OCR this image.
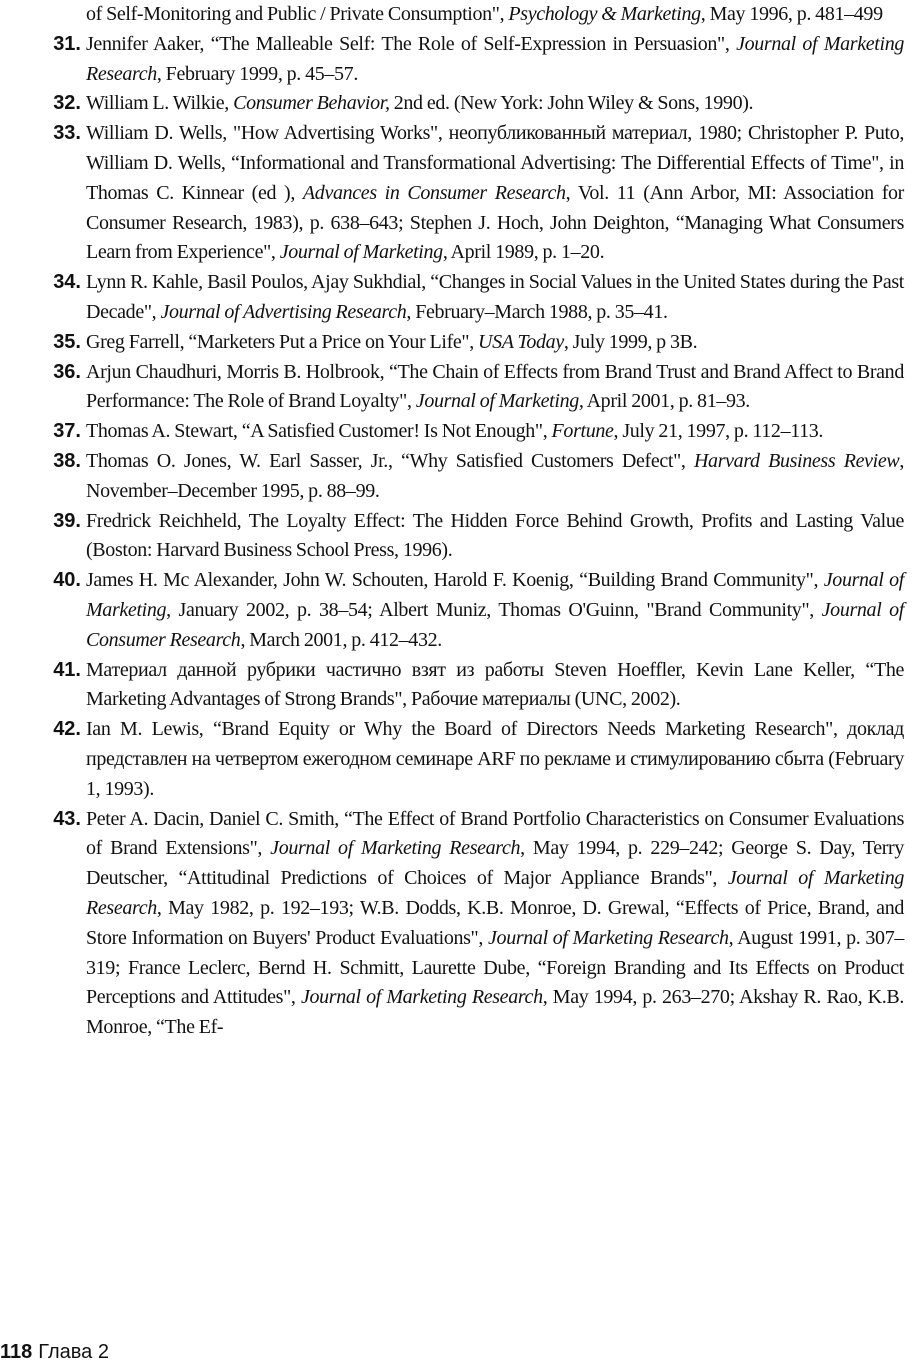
of Self-Monitoring and Public / Private Consumption", Psychology & Marketing, May 1996, p. 481–499
31. Jennifer Aaker, “The Malleable Self: The Role of Self-Expression in Persuasion", Journal of Marketing Research, February 1999, p. 45–57.
32. William L. Wilkie, Consumer Behavior, 2nd ed. (New York: John Wiley & Sons, 1990).
33. William D. Wells, "How Advertising Works", неопубликованный материал, 1980; Christopher P. Puto, William D. Wells, “Informational and Transformational Advertising: The Differential Effects of Time", in Thomas C. Kinnear (ed ), Advances in Consumer Research, Vol. 11 (Ann Arbor, MI: Association for Consumer Research, 1983), p. 638–643; Stephen J. Hoch, John Deighton, “Managing What Consumers Learn from Experience", Journal of Marketing, April 1989, p. 1–20.
34. Lynn R. Kahle, Basil Poulos, Ajay Sukhdial, “Changes in Social Values in the United States during the Past Decade", Journal of Advertising Research, February–March 1988, p. 35–41.
35. Greg Farrell, “Marketers Put a Price on Your Life", USA Today, July 1999, p 3B.
36. Arjun Chaudhuri, Morris B. Holbrook, “The Chain of Effects from Brand Trust and Brand Affect to Brand Performance: The Role of Brand Loyalty", Journal of Marketing, April 2001, p. 81–93.
37. Thomas A. Stewart, “A Satisfied Customer! Is Not Enough", Fortune, July 21, 1997, p. 112–113.
38. Thomas O. Jones, W. Earl Sasser, Jr., “Why Satisfied Customers Defect", Harvard Business Review, November–December 1995, p. 88–99.
39. Fredrick Reichheld, The Loyalty Effect: The Hidden Force Behind Growth, Profits and Lasting Value (Boston: Harvard Business School Press, 1996).
40. James H. Mc Alexander, John W. Schouten, Harold F. Koenig, “Building Brand Community", Journal of Marketing, January 2002, p. 38–54; Albert Muniz, Thomas O'Guinn, "Brand Community", Journal of Consumer Research, March 2001, p. 412–432.
41. Материал данной рубрики частично взят из работы Steven Hoeffler, Kevin Lane Keller, “The Marketing Advantages of Strong Brands", Рабочие материалы (UNC, 2002).
42. Ian M. Lewis, “Brand Equity or Why the Board of Directors Needs Marketing Research", доклад представлен на четвертом ежегодном семинаре ARF по рекламе и стимулированию сбыта (February 1, 1993).
43. Peter A. Dacin, Daniel C. Smith, “The Effect of Brand Portfolio Characteristics on Consumer Evaluations of Brand Extensions", Journal of Marketing Research, May 1994, p. 229–242; George S. Day, Terry Deutscher, “Attitudinal Predictions of Choices of Major Appliance Brands", Journal of Marketing Research, May 1982, p. 192–193; W.B. Dodds, K.B. Monroe, D. Grewal, “Effects of Price, Brand, and Store Information on Buyers' Product Evaluations", Journal of Marketing Research, August 1991, p. 307–319; France Leclerc, Bernd H. Schmitt, Laurette Dube, “Foreign Branding and Its Effects on Product Perceptions and Attitudes", Journal of Marketing Research, May 1994, p. 263–270; Akshay R. Rao, K.B. Monroe, “The Ef-
118 Глава 2
